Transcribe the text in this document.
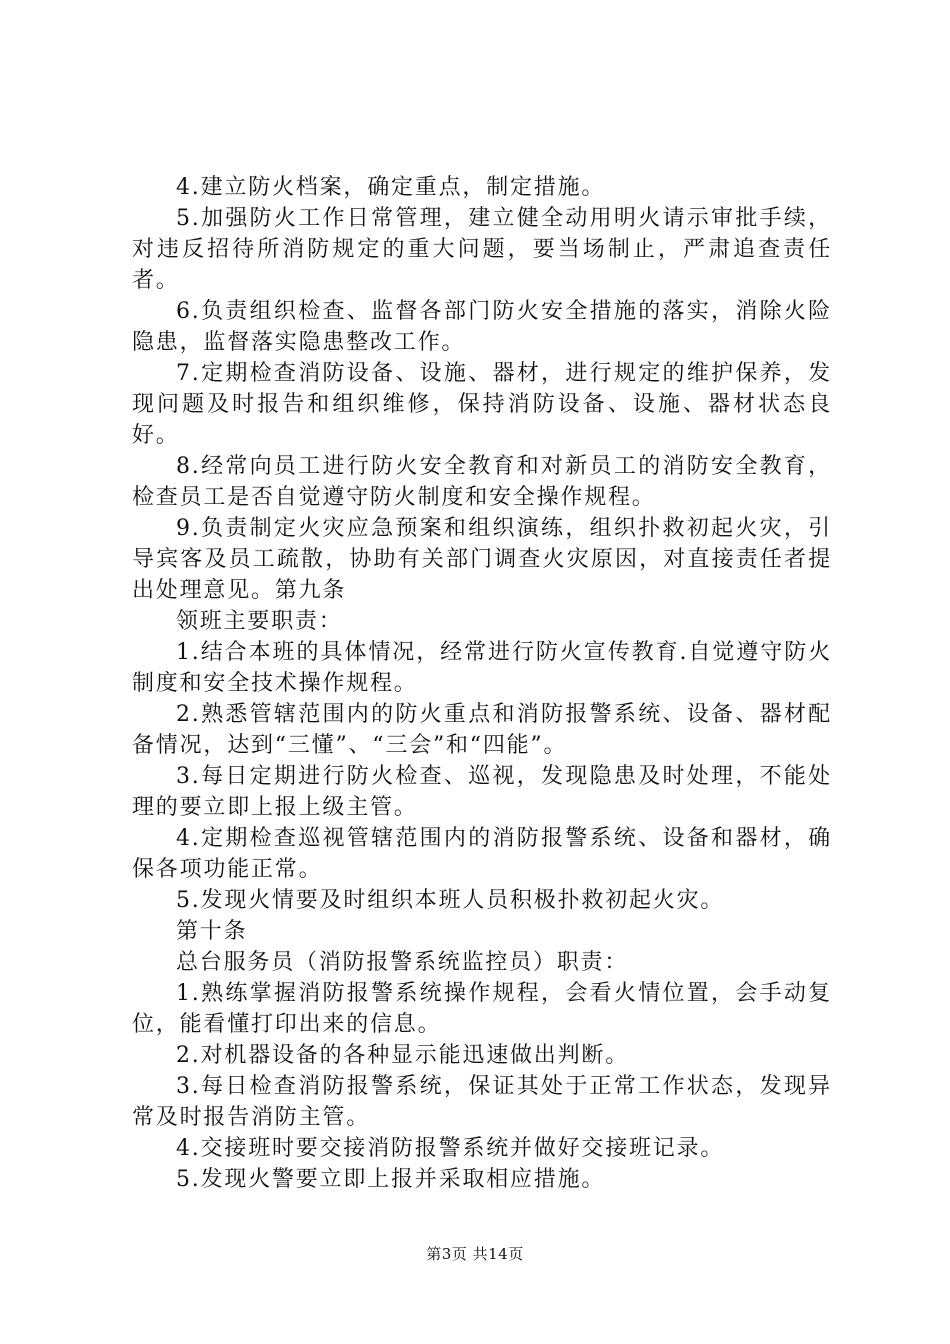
4.建立防火档案，确定重点，制定措施。

5.加强防火工作日常管理，建立健全动用明火请示审批手续，对违反招待所消防规定的重大问题，要当场制止，严肃追查责任者。

6.负责组织检查、监督各部门防火安全措施的落实，消除火险隐患，监督落实隐患整改工作。

7.定期检查消防设备、设施、器材，进行规定的维护保养，发现问题及时报告和组织维修，保持消防设备、设施、器材状态良好。

8.经常向员工进行防火安全教育和对新员工的消防安全教育，检查员工是否自觉遵守防火制度和安全操作规程。

9.负责制定火灾应急预案和组织演练，组织扑救初起火灾，引导宾客及员工疏散，协助有关部门调查火灾原因，对直接责任者提出处理意见。第九条

领班主要职责：

1.结合本班的具体情况，经常进行防火宣传教育.自觉遵守防火制度和安全技术操作规程。

2.熟悉管辖范围内的防火重点和消防报警系统、设备、器材配备情况，达到“三懂”、“三会”和“四能”。

3.每日定期进行防火检查、巡视，发现隐患及时处理，不能处理的要立即上报上级主管。

4.定期检查巡视管辖范围内的消防报警系统、设备和器材，确保各项功能正常。

5.发现火情要及时组织本班人员积极扑救初起火灾。

第十条

总台服务员（消防报警系统监控员）职责：

1.熟练掌握消防报警系统操作规程，会看火情位置，会手动复位，能看懂打印出来的信息。

2.对机器设备的各种显示能迅速做出判断。

3.每日检查消防报警系统，保证其处于正常工作状态，发现异常及时报告消防主管。

4.交接班时要交接消防报警系统并做好交接班记录。

5.发现火警要立即上报并采取相应措施。

第3页 共14页
